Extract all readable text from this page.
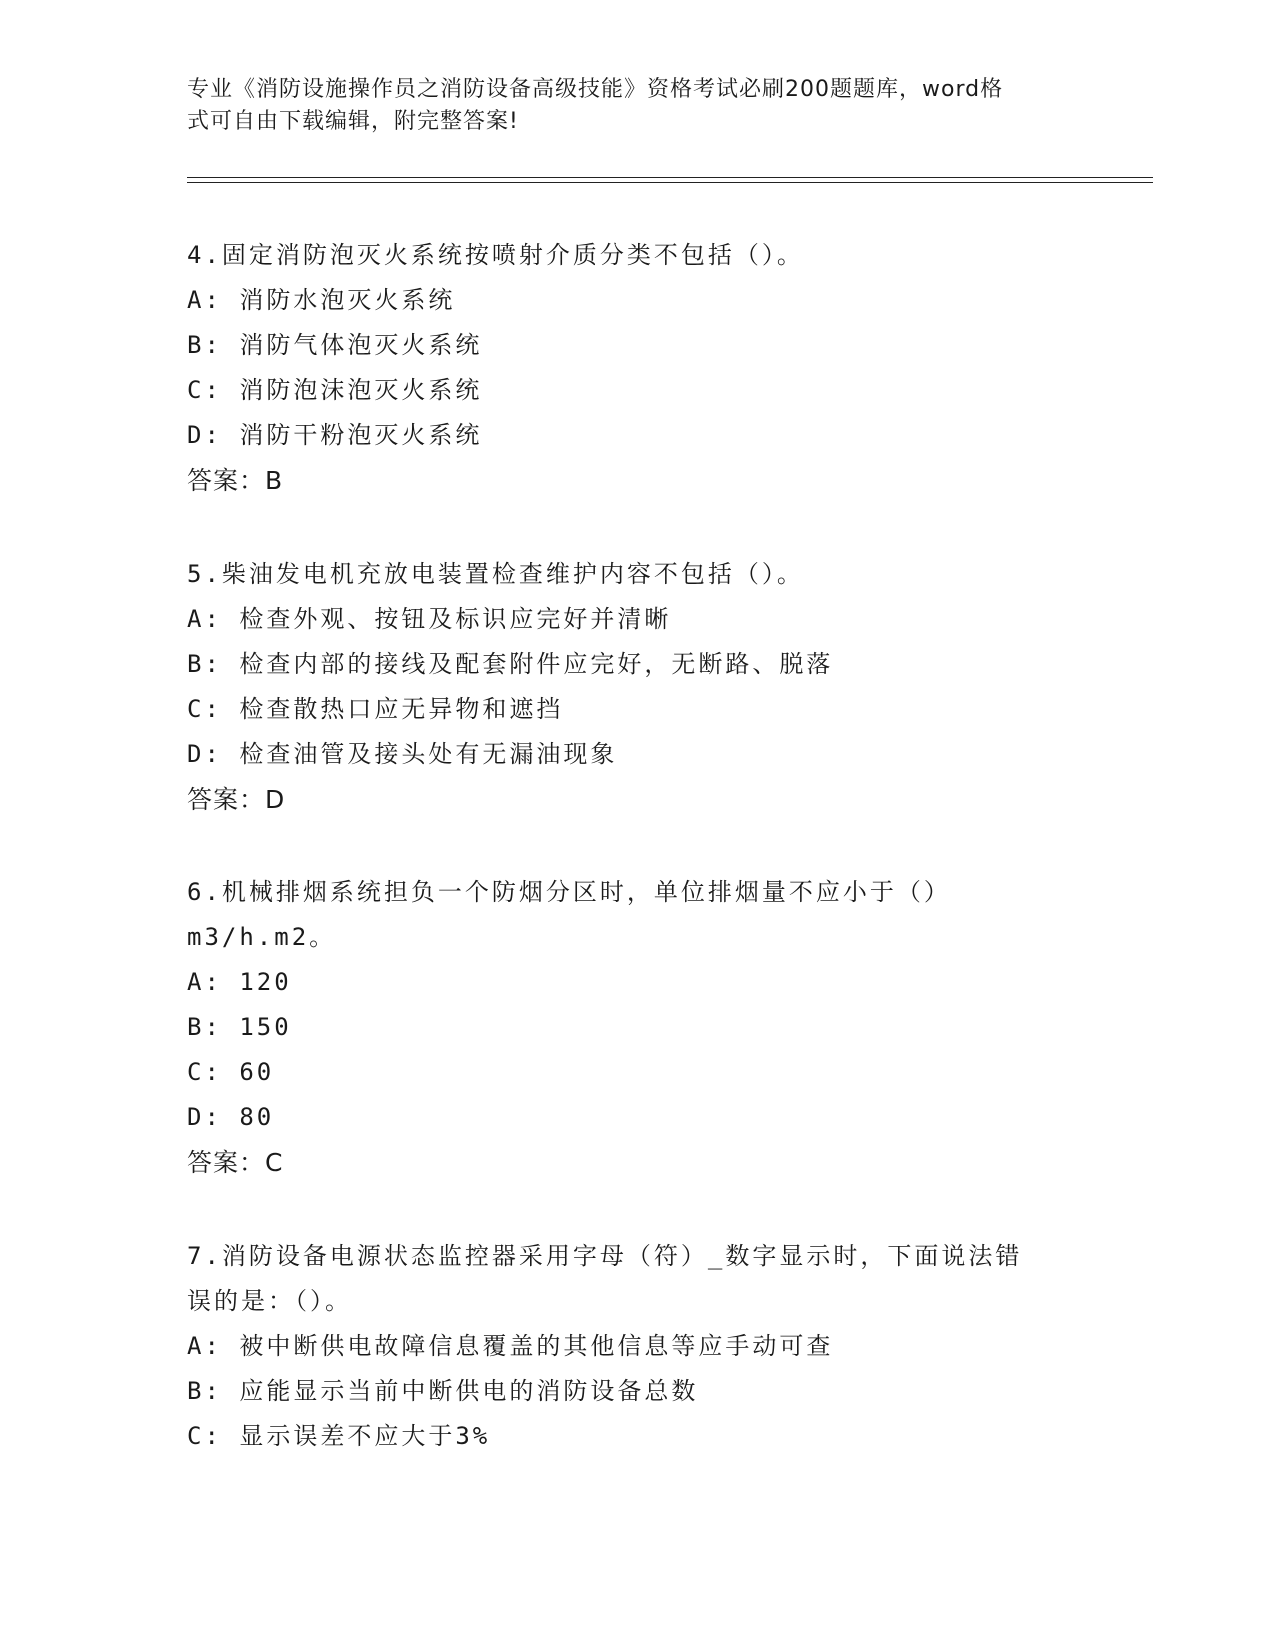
专业《消防设施操作员之消防设备高级技能》资格考试必刷200题题库，word格
式可自由下载编辑，附完整答案!
4.固定消防泡灭火系统按喷射介质分类不包括（）。
A: 消防水泡灭火系统
B: 消防气体泡灭火系统
C: 消防泡沫泡灭火系统
D: 消防干粉泡灭火系统
答案：B
5.柴油发电机充放电装置检查维护内容不包括（）。
A: 检查外观、按钮及标识应完好并清晰
B: 检查内部的接线及配套附件应完好，无断路、脱落
C: 检查散热口应无异物和遮挡
D: 检查油管及接头处有无漏油现象
答案：D
6.机械排烟系统担负一个防烟分区时，单位排烟量不应小于（）
m3/h.m2。
A: 120
B: 150
C: 60
D: 80
答案：C
7.消防设备电源状态监控器采用字母（符）_数字显示时，下面说法错
误的是：（）。
A: 被中断供电故障信息覆盖的其他信息等应手动可查
B: 应能显示当前中断供电的消防设备总数
C: 显示误差不应大于3%
